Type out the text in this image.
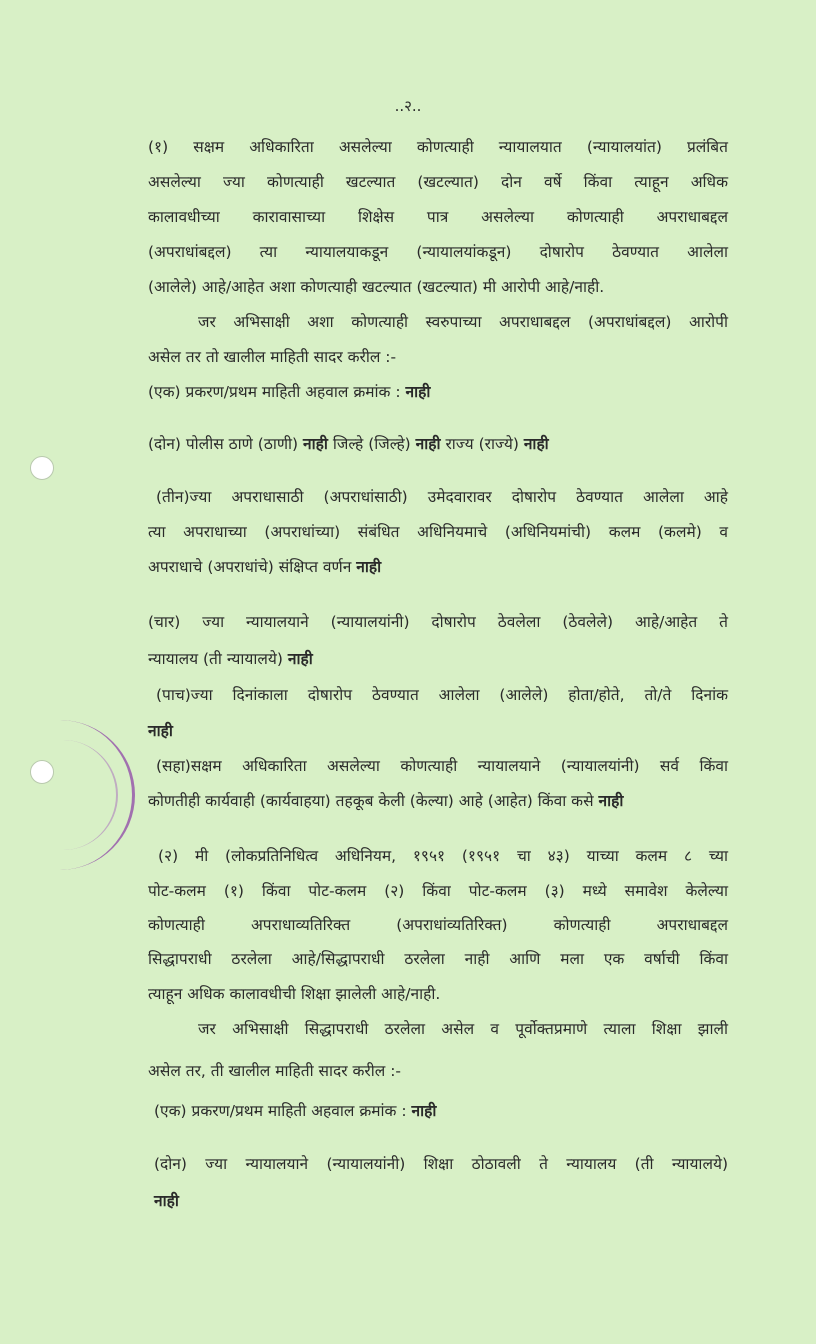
..२..
(१) सक्षम अधिकारिता असलेल्या कोणत्याही न्यायालयात (न्यायालयांत) प्रलंबित
असलेल्या ज्या कोणत्याही खटल्यात (खटल्यात) दोन वर्षे किंवा त्याहून अधिक
कालावधीच्या कारावासाच्या शिक्षेस पात्र असलेल्या कोणत्याही अपराधाबद्दल
(अपराधांबद्दल) त्या न्यायालयाकडून (न्यायालयांकडून) दोषारोप ठेवण्यात आलेला
(आलेले) आहे/आहेत अशा कोणत्याही खटल्यात (खटल्यात) मी आरोपी आहे/नाही.
जर अभिसाक्षी अशा कोणत्याही स्वरुपाच्या अपराधाबद्दल (अपराधांबद्दल) आरोपी
असेल तर तो खालील माहिती सादर करील :-
(एक) प्रकरण/प्रथम माहिती अहवाल क्रमांक : नाही
(तीन)ज्या अपराधासाठी (अपराधांसाठी) उमेदवारावर दोषारोप ठेवण्यात आलेला आहे
त्या अपराधाच्या (अपराधांच्या) संबंधित अधिनियमाचे (अधिनियमांची) कलम (कलमे) व
अपराधाचे (अपराधांचे) संक्षिप्त वर्णन नाही
(चार) ज्या न्यायालयाने (न्यायालयांनी) दोषारोप ठेवलेला (ठेवलेले) आहे/आहेत ते
न्यायालय (ती न्यायालये) नाही
(पाच)ज्या दिनांकाला दोषारोप ठेवण्यात आलेला (आलेले) होता/होते, तो/ते दिनांक
नाही
(सहा)सक्षम अधिकारिता असलेल्या कोणत्याही न्यायालयाने (न्यायालयांनी) सर्व किंवा
कोणतीही कार्यवाही (कार्यवाहया) तहकूब केली (केल्या) आहे (आहेत) किंवा कसे नाही
(२) मी (लोकप्रतिनिधित्व अधिनियम, १९५१ (१९५१ चा ४३) याच्या कलम ८ च्या
पोट-कलम (१) किंवा पोट-कलम (२) किंवा पोट-कलम (३) मध्ये समावेश केलेल्या
कोणत्याही अपराधाव्यतिरिक्त (अपराधांव्यतिरिक्त) कोणत्याही अपराधाबद्दल
सिद्धापराधी ठरलेला आहे/सिद्धापराधी ठरलेला नाही आणि मला एक वर्षाची किंवा
त्याहून अधिक कालावधीची शिक्षा झालेली आहे/नाही.
जर अभिसाक्षी सिद्धापराधी ठरलेला असेल व पूर्वोक्तप्रमाणे त्याला शिक्षा झाली
असेल तर, ती खालील माहिती सादर करील :-
(एक) प्रकरण/प्रथम माहिती अहवाल क्रमांक : नाही
(दोन) ज्या न्यायालयाने (न्यायालयांनी) शिक्षा ठोठावली ते न्यायालय (ती न्यायालये)
नाही
(दोन) पोलीस ठाणे (ठाणी) नाही जिल्हे (जिल्हे) नाही राज्य (राज्ये) नाही
